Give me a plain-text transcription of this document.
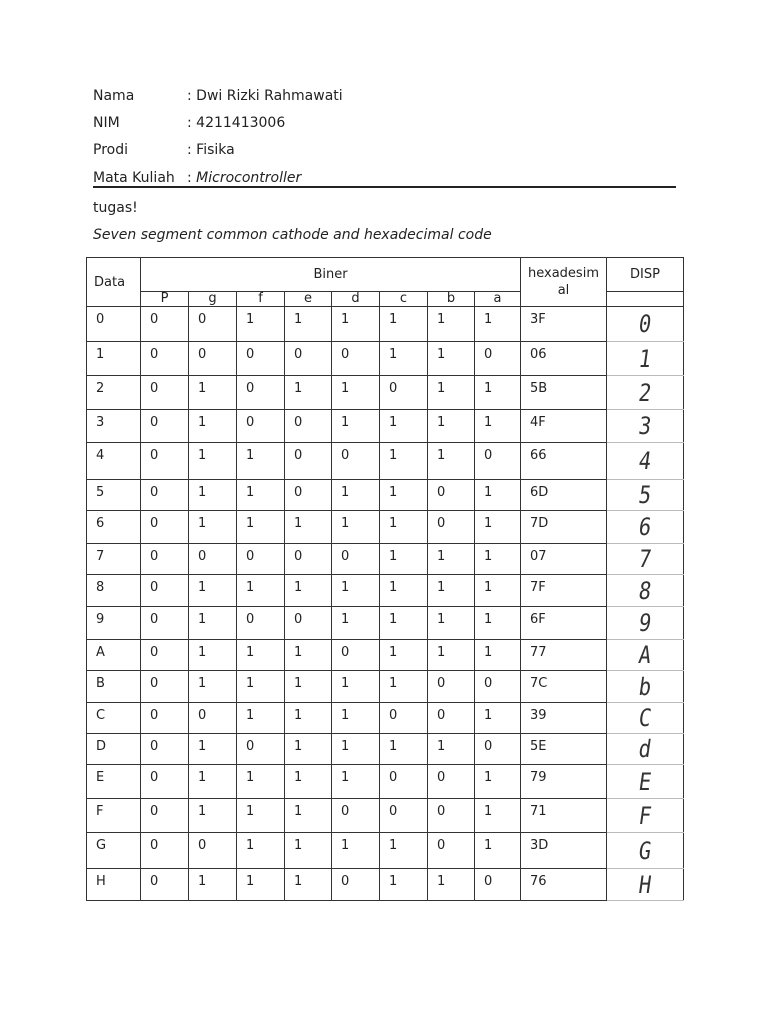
Nama	: Dwi Rizki Rahmawati
NIM	: 4211413006
Prodi	: Fisika
Mata Kuliah : Microcontroller
tugas!
Seven segment common cathode and hexadecimal code
Data	Biner								hexadesimal	DISP
	P	g	f	e	d	c	b	a		
0	0	0	1	1	1	1	1	1	3F	0
1	0	0	0	0	0	1	1	0	06	1
2	0	1	0	1	1	0	1	1	5B	2
3	0	1	0	0	1	1	1	1	4F	3
4	0	1	1	0	0	1	1	0	66	4
5	0	1	1	0	1	1	0	1	6D	5
6	0	1	1	1	1	1	0	1	7D	6
7	0	0	0	0	0	1	1	1	07	7
8	0	1	1	1	1	1	1	1	7F	8
9	0	1	0	0	1	1	1	1	6F	9
A	0	1	1	1	0	1	1	1	77	A
B	0	1	1	1	1	1	0	0	7C	b
C	0	0	1	1	1	0	0	1	39	C
D	0	1	0	1	1	1	1	0	5E	d
E	0	1	1	1	1	0	0	1	79	E
F	0	1	1	1	0	0	0	1	71	F
G	0	0	1	1	1	1	0	1	3D	G
H	0	1	1	1	0	1	1	0	76	H
